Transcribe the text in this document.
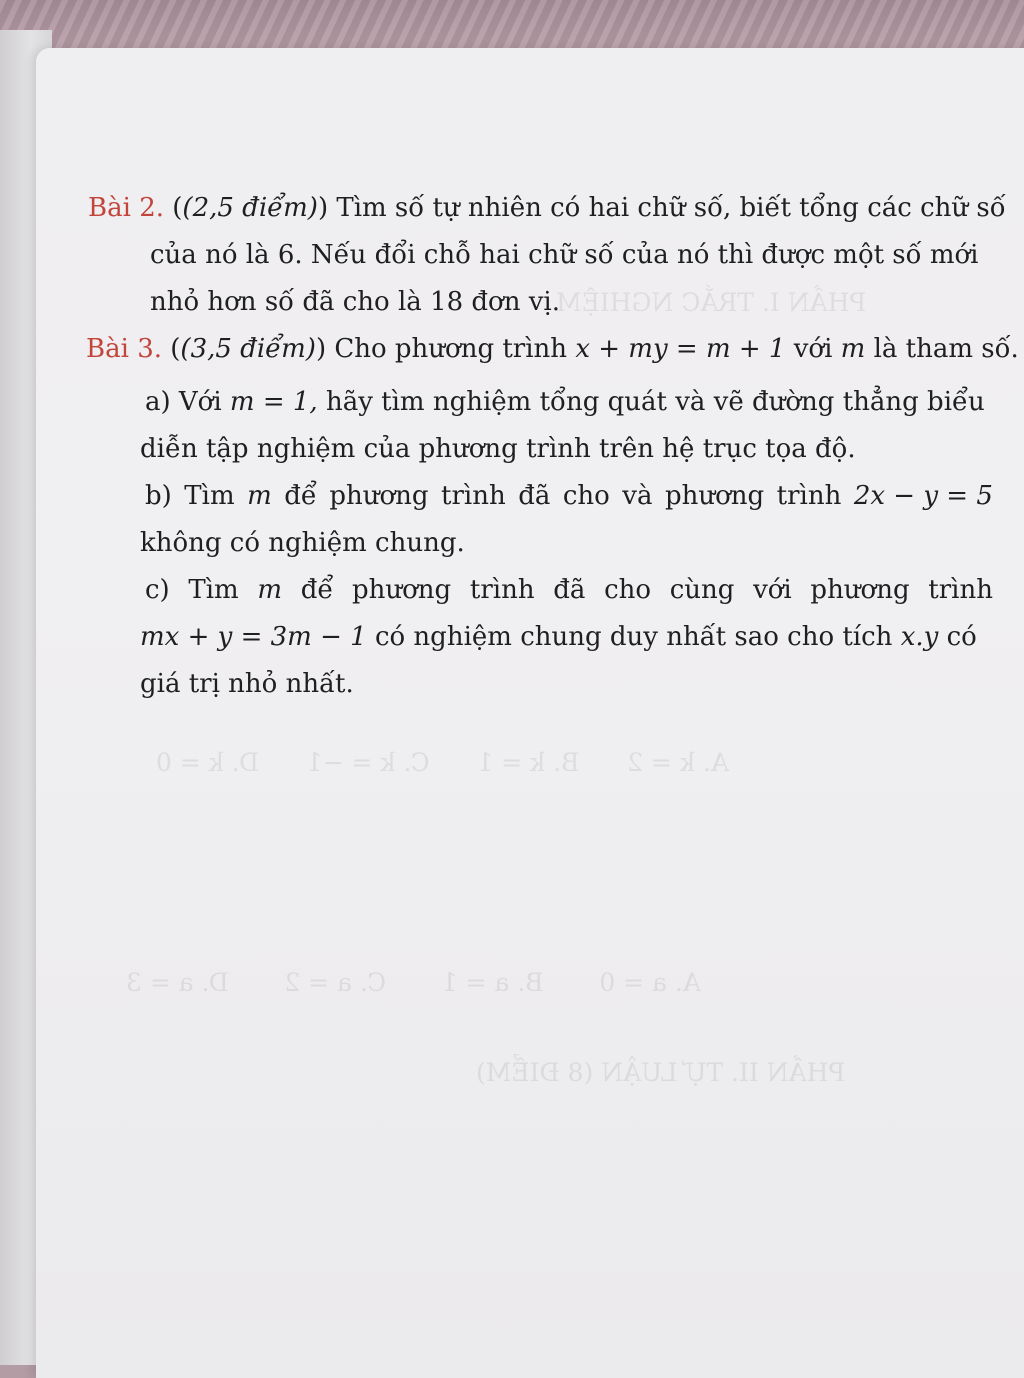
PHẦN I. TRẮC NGHIỆM
A. k = 2      B. k = 1      C. k = −1      D. k = 0
A. a = 0       B. a = 1       C. a = 2       D. a = 3
PHẦN II. TỰ LUẬN (8 ĐIỂM)
Bài 2. ((2,5 điểm)) Tìm số tự nhiên có hai chữ số, biết tổng các chữ số
của nó là 6. Nếu đổi chỗ hai chữ số của nó thì được một số mới
nhỏ hơn số đã cho là 18 đơn vị.
Bài 3. ((3,5 điểm)) Cho phương trình x + my = m + 1 với m là tham số.
a) Với m = 1, hãy tìm nghiệm tổng quát và vẽ đường thẳng biểu
diễn tập nghiệm của phương trình trên hệ trục tọa độ.
b) Tìm m để phương trình đã cho và phương trình 2x − y = 5
không có nghiệm chung.
c) Tìm m để phương trình đã cho cùng với phương trình
mx + y = 3m − 1 có nghiệm chung duy nhất sao cho tích x.y có
giá trị nhỏ nhất.
